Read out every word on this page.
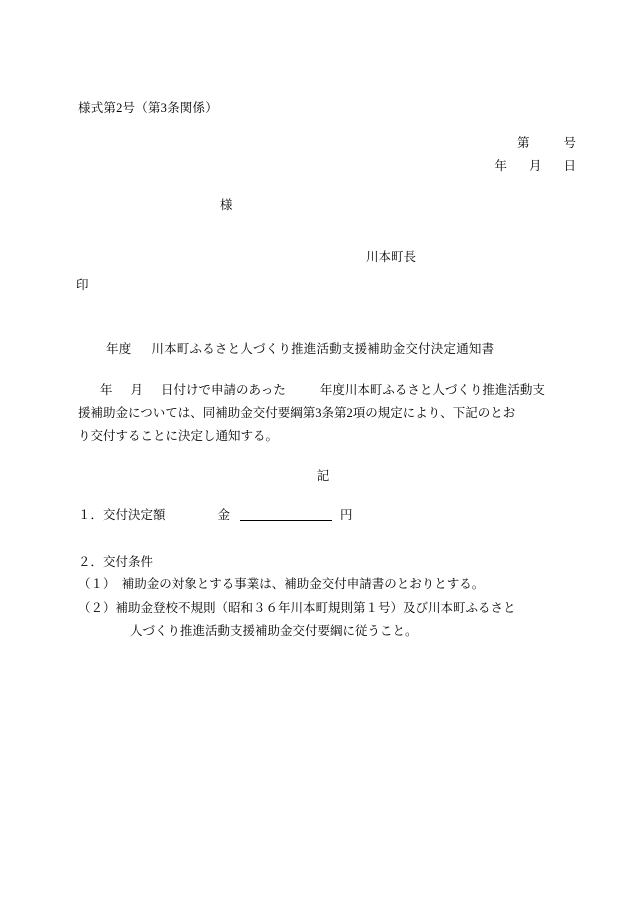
様式第2号（第3条関係）
第	号
年 月 日
様
川本町長
印
年度 川本町ふるさと人づくり推進活動支援補助金交付決定通知書
年 月 日付けで申請のあった	年度川本町ふるさと人づくり推進活動支
援補助金については、同補助金交付要綱第3条第2項の規定により、下記のとお
り交付することに決定し通知する。
記
１．交付決定額	金	円
２．交付条件
（１）　補助金の対象とする事業は、補助金交付申請書のとおりとする。
（２）補助金登校不規則（昭和３６年川本町規則第１号）及び川本町ふるさと
人づくり推進活動支援補助金交付要綱に従うこと。
